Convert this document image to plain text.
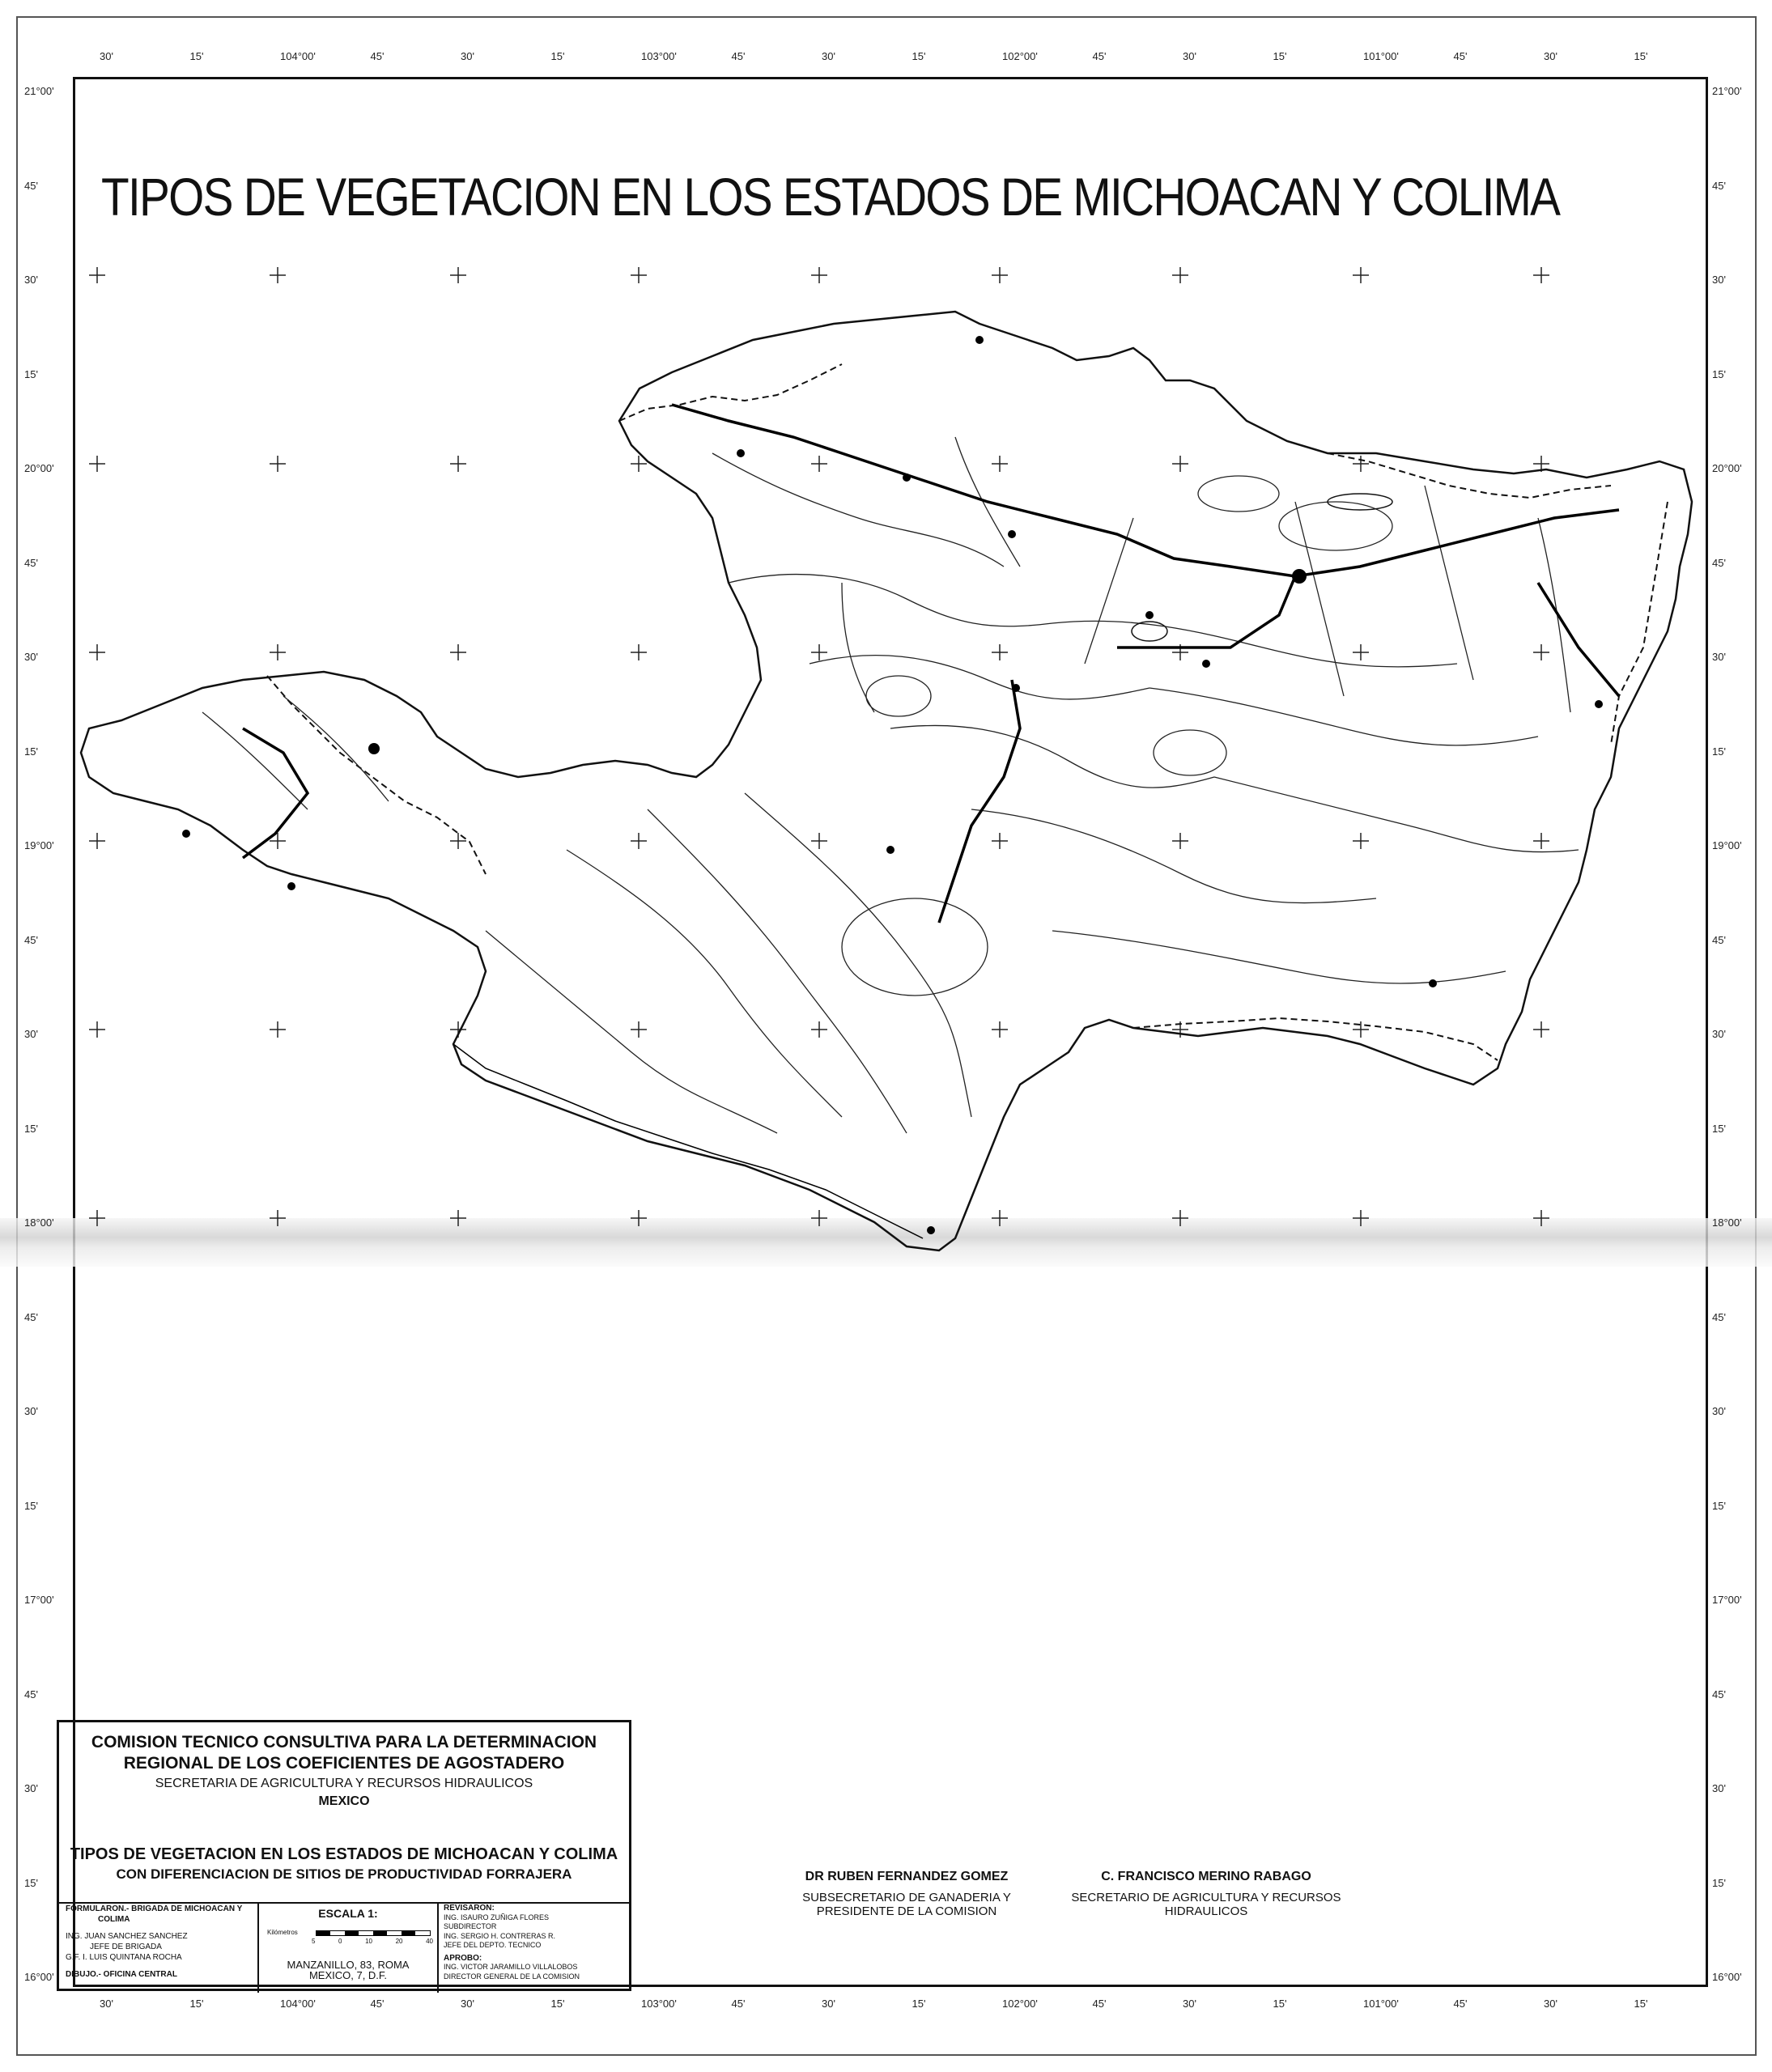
30'	15'	104°00'	45'	30'	15'	103°00'	45'	30'	15'	102°00'	45'	30'	15'	101°00'	45'	30'	15'
30'	15'	104°00'	45'	30'	15'	103°00'	45'	30'	15'	102°00'	45'	30'	15'	101°00'	45'	30'	15'
21°00'
45'
30'
15'
20°00'
45'
30'
15'
19°00'
45'
30'
15'
18°00'
45'
30'
15'
17°00'
45'
30'
15'
16°00'
21°00'
45'
30'
15'
20°00'
45'
30'
15'
19°00'
45'
30'
15'
18°00'
45'
30'
15'
17°00'
45'
30'
15'
16°00'
TIPOS DE VEGETACION EN LOS ESTADOS DE MICHOACAN Y COLIMA
COMISION TECNICO CONSULTIVA PARA LA DETERMINACION
REGIONAL DE LOS COEFICIENTES DE AGOSTADERO
SECRETARIA DE AGRICULTURA Y RECURSOS HIDRAULICOS
MEXICO
TIPOS DE VEGETACION EN LOS ESTADOS DE MICHOACAN Y COLIMA
CON DIFERENCIACION DE SITIOS DE PRODUCTIVIDAD FORRAJERA
FORMULARON.- BRIGADA DE MICHOACAN Y
COLIMA
ING. JUAN SANCHEZ SANCHEZ
JEFE DE BRIGADA
G.F. I. LUIS QUINTANA ROCHA
DIBUJO.- OFICINA CENTRAL
ESCALA 1:
Kilómetros
5	0	10	20	40
MANZANILLO, 83, ROMA
MEXICO, 7, D.F.
REVISARON:
ING. ISAURO ZUÑIGA FLORES
SUBDIRECTOR
ING. SERGIO H. CONTRERAS R.
JEFE DEL DEPTO. TECNICO
APROBO:
ING. VICTOR JARAMILLO VILLALOBOS
DIRECTOR GENERAL DE LA COMISION
DR RUBEN FERNANDEZ GOMEZ
SUBSECRETARIO DE GANADERIA Y
PRESIDENTE DE LA COMISION
C. FRANCISCO MERINO RABAGO
SECRETARIO DE AGRICULTURA Y RECURSOS HIDRAULICOS
